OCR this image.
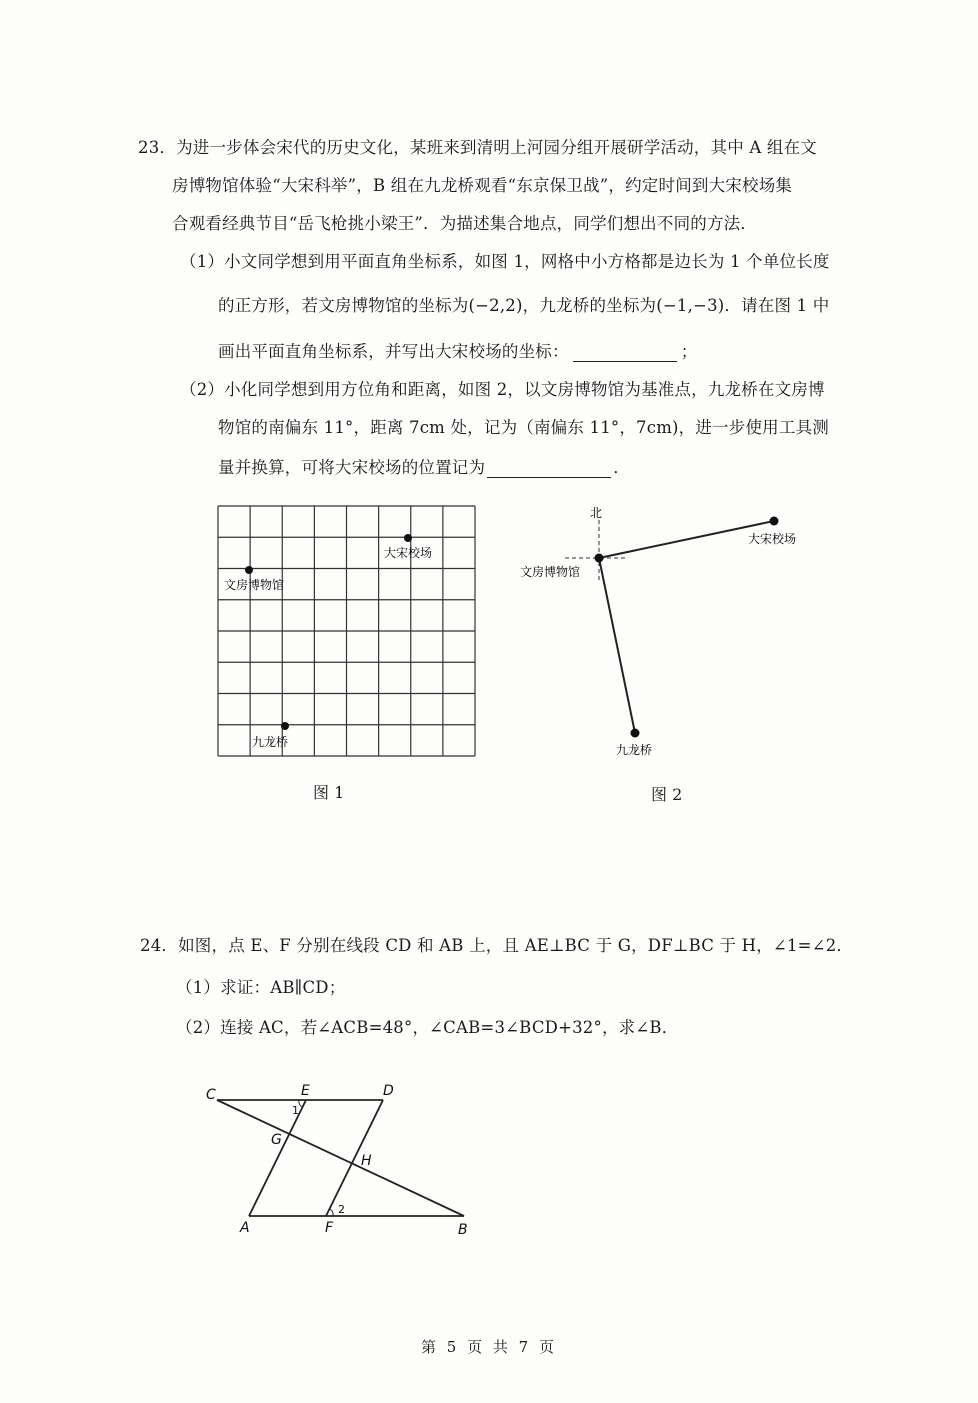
23．为进一步体会宋代的历史文化，某班来到清明上河园分组开展研学活动，其中 A 组在文
房博物馆体验“大宋科举”，B 组在九龙桥观看“东京保卫战”，约定时间到大宋校场集
合观看经典节目“岳飞枪挑小梁王”．为描述集合地点，同学们想出不同的方法．
（1）小文同学想到用平面直角坐标系，如图 1，网格中小方格都是边长为 1 个单位长度
的正方形，若文房博物馆的坐标为(−2,2)，九龙桥的坐标为(−1,−3)．请在图 1 中
画出平面直角坐标系，并写出大宋校场的坐标：	；
（2）小化同学想到用方位角和距离，如图 2，以文房博物馆为基准点，九龙桥在文房博
物馆的南偏东 11°，距离 7cm 处，记为（南偏东 11°，7cm)，进一步使用工具测
量并换算，可将大宋校场的位置记为	．
文房博物馆
大宋校场
九龙桥
图 1
北
文房博物馆
大宋校场
九龙桥
图 2
24．如图，点 E、F 分别在线段 CD 和 AB 上，且 AE⊥BC 于 G，DF⊥BC 于 H，∠1=∠2．
（1）求证：AB∥CD；
（2）连接 AC，若∠ACB=48°，∠CAB=3∠BCD+32°，求∠B．
C	E	D
G
H
A	F	B
1
2
第 5 页 共 7 页
